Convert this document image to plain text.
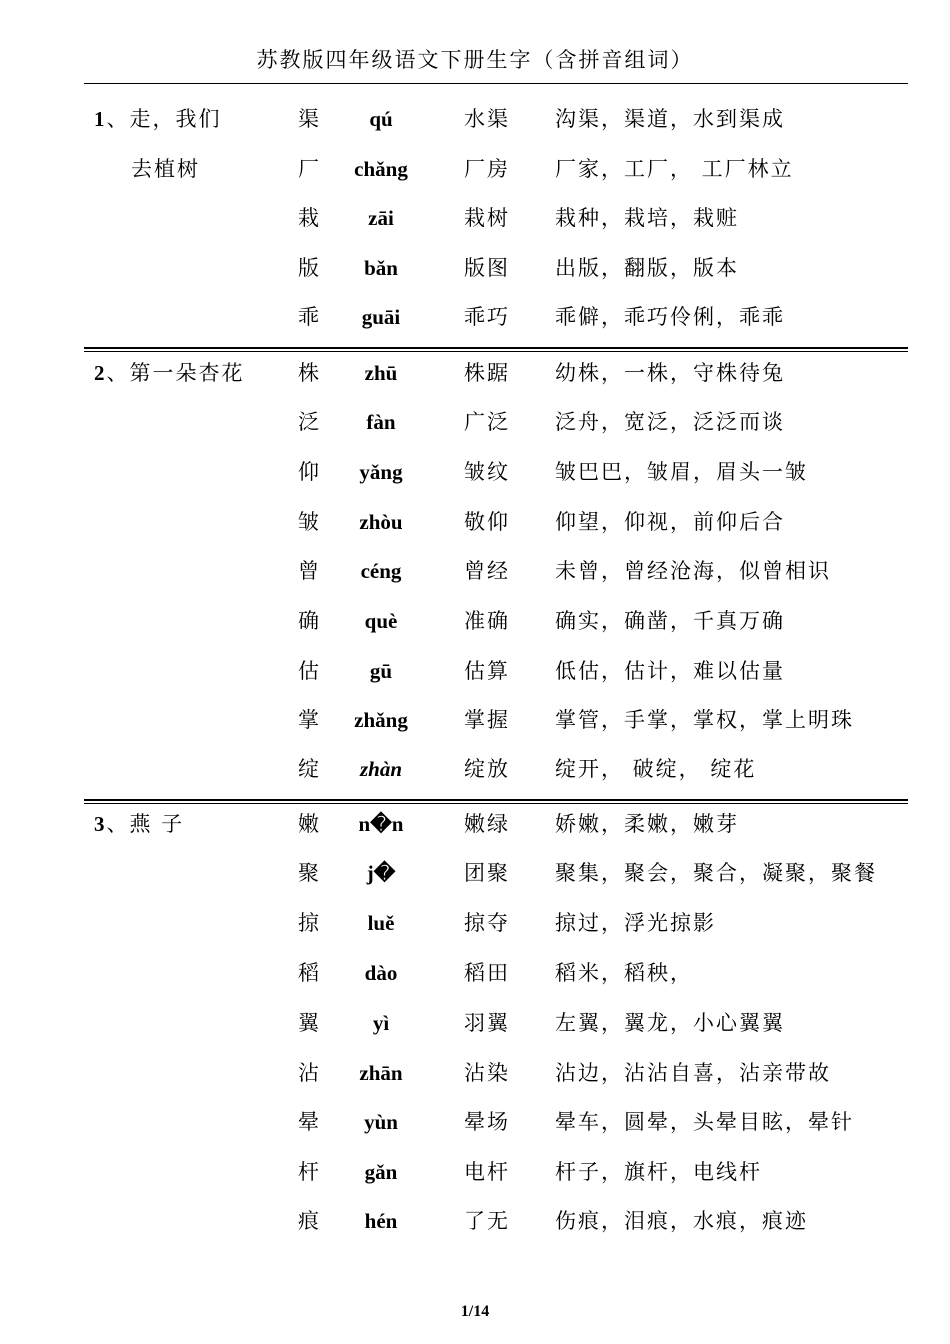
苏教版四年级语文下册生字（含拼音组词）
1、走，我们
去植树
渠	qú	水渠 沟渠，渠道，水到渠成
厂	chǎng	厂房 厂家，工厂， 工厂林立
栽	zāi	栽树 栽种，栽培，栽赃
版	bǎn	版图 出版，翻版，版本
乖	guāi	乖巧 乖僻，乖巧伶俐，乖乖
2、第一朵杏花	株	zhū	株踞 幼株，一株，守株待兔
泛	fàn	广泛 泛舟，宽泛，泛泛而谈
仰	yǎng	皱纹 皱巴巴，皱眉，眉头一皱
皱	zhòu	敬仰 仰望，仰视，前仰后合
曾	céng	曾经 未曾，曾经沧海，似曾相识
确	què	准确 确实，确凿，千真万确
估	gū	估算 低估，估计，难以估量
掌	zhǎng	掌握 掌管，手掌，掌权，掌上明珠
绽	zhàn	绽放 绽开， 破绽， 绽花
3、燕 子	嫩	n�n	嫩绿 娇嫩，柔嫩，嫩芽
聚	j�	团聚 聚集，聚会，聚合，凝聚，聚餐
掠	luě	掠夺 掠过，浮光掠影
稻	dào	稻田 稻米，稻秧，
翼	yì	羽翼 左翼，翼龙，小心翼翼
沾	zhān	沾染 沾边，沾沾自喜，沾亲带故
晕	yùn	晕场 晕车，圆晕，头晕目眩，晕针
杆	gǎn	电杆 杆子，旗杆，电线杆
痕	hén	了无 伤痕，泪痕，水痕，痕迹
1/14
